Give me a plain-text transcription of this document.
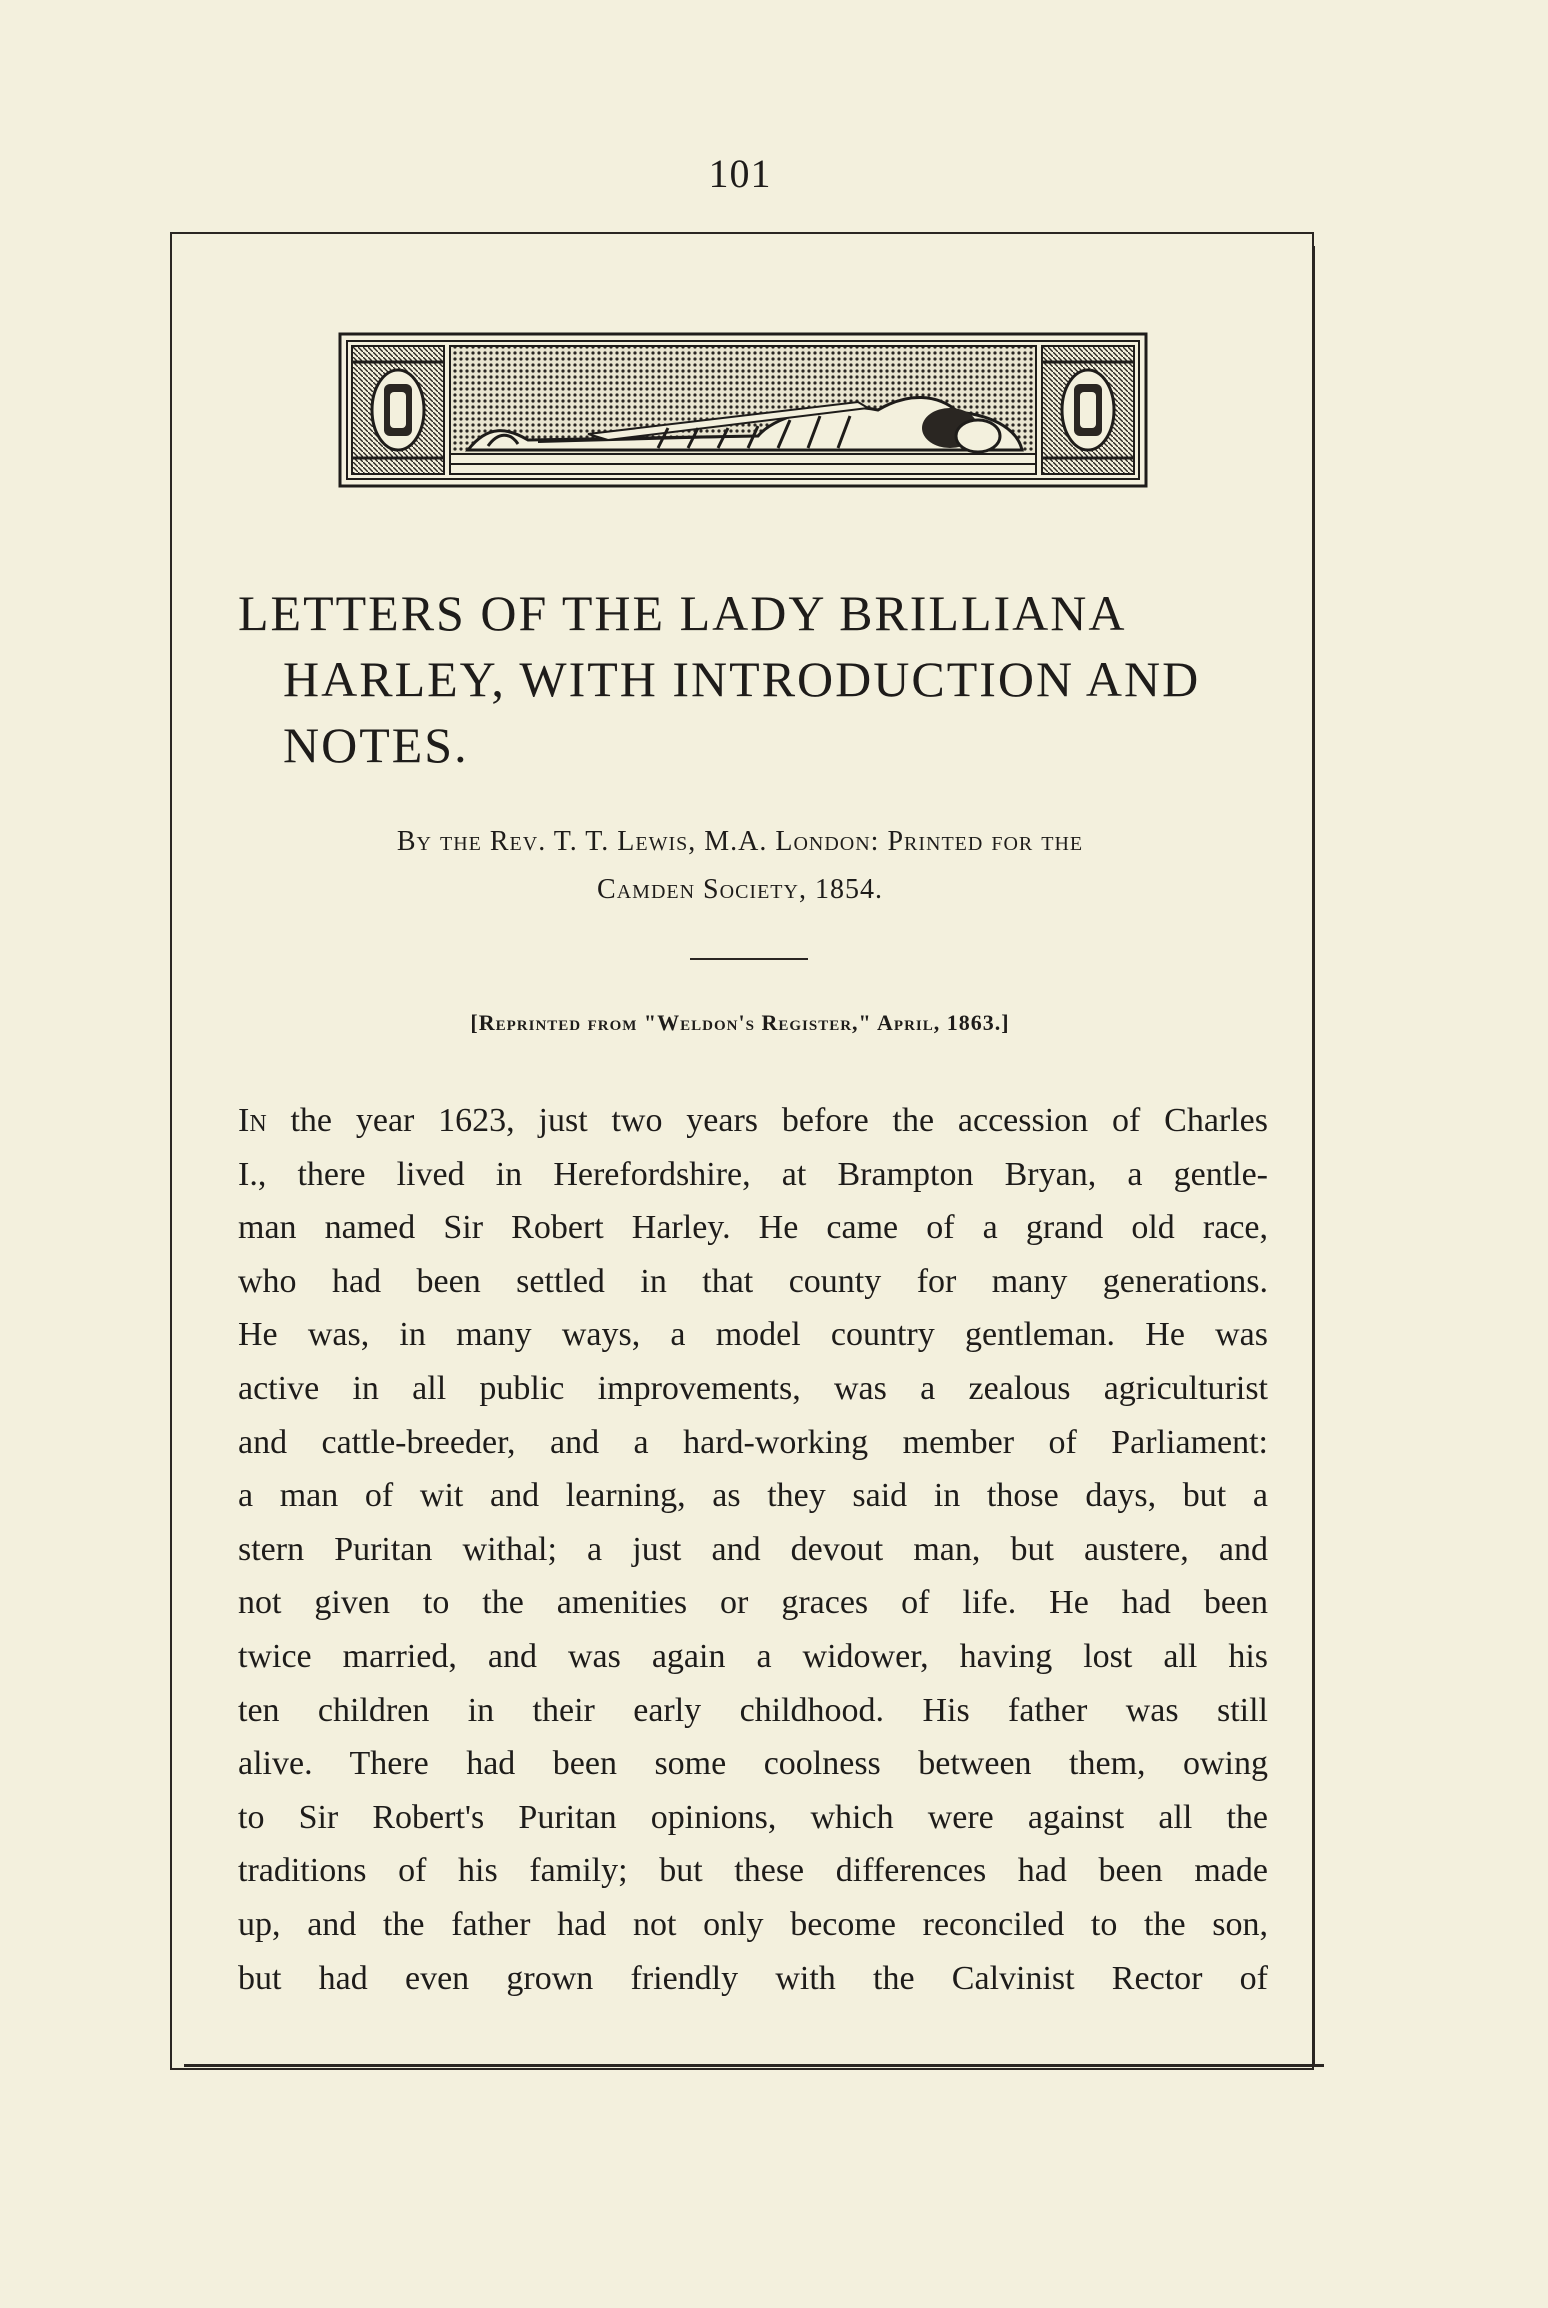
101
LETTERS OF THE LADY BRILLIANA HARLEY, WITH INTRODUCTION AND NOTES.
By the Rev. T. T. Lewis, M.A. London: Printed for the
Camden Society, 1854.
[Reprinted from "Weldon's Register," April, 1863.]
In the year 1623, just two years before the accession of Charles
I., there lived in Herefordshire, at Brampton Bryan, a gentle-
man named Sir Robert Harley. He came of a grand old race,
who had been settled in that county for many generations.
He was, in many ways, a model country gentleman. He was
active in all public improvements, was a zealous agriculturist
and cattle-breeder, and a hard-working member of Parliament:
a man of wit and learning, as they said in those days, but a
stern Puritan withal; a just and devout man, but austere, and
not given to the amenities or graces of life. He had been
twice married, and was again a widower, having lost all his
ten children in their early childhood. His father was still
alive. There had been some coolness between them, owing
to Sir Robert's Puritan opinions, which were against all the
traditions of his family; but these differences had been made
up, and the father had not only become reconciled to the son,
but had even grown friendly with the Calvinist Rector of
